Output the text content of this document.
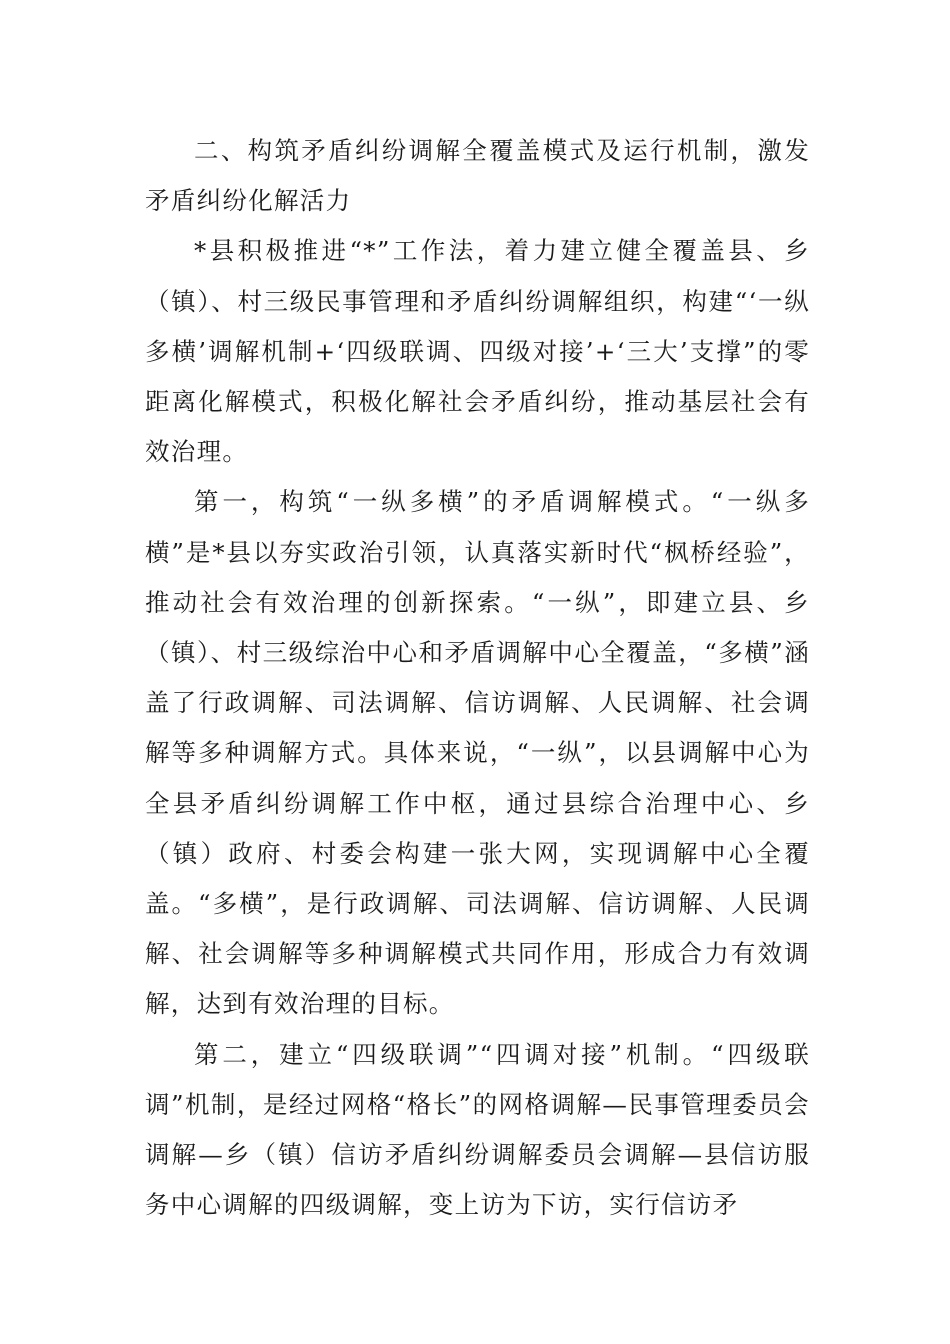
二、构筑矛盾纠纷调解全覆盖模式及运行机制，激发矛盾纠纷化解活力

*县积极推进“*”工作法，着力建立健全覆盖县、乡（镇）、村三级民事管理和矛盾纠纷调解组织，构建“‘一纵多横’调解机制+‘四级联调、四级对接’+‘三大’支撑”的零距离化解模式，积极化解社会矛盾纠纷，推动基层社会有效治理。

第一，构筑“一纵多横”的矛盾调解模式。“一纵多横”是*县以夯实政治引领，认真落实新时代“枫桥经验”，推动社会有效治理的创新探索。“一纵”，即建立县、乡（镇）、村三级综治中心和矛盾调解中心全覆盖，“多横”涵盖了行政调解、司法调解、信访调解、人民调解、社会调解等多种调解方式。具体来说，“一纵”，以县调解中心为全县矛盾纠纷调解工作中枢，通过县综合治理中心、乡（镇）政府、村委会构建一张大网，实现调解中心全覆盖。“多横”，是行政调解、司法调解、信访调解、人民调解、社会调解等多种调解模式共同作用，形成合力有效调解，达到有效治理的目标。

第二，建立“四级联调”“四调对接”机制。“四级联调”机制，是经过网格“格长”的网格调解—民事管理委员会调解—乡（镇）信访矛盾纠纷调解委员会调解—县信访服务中心调解的四级调解，变上访为下访，实行信访矛
